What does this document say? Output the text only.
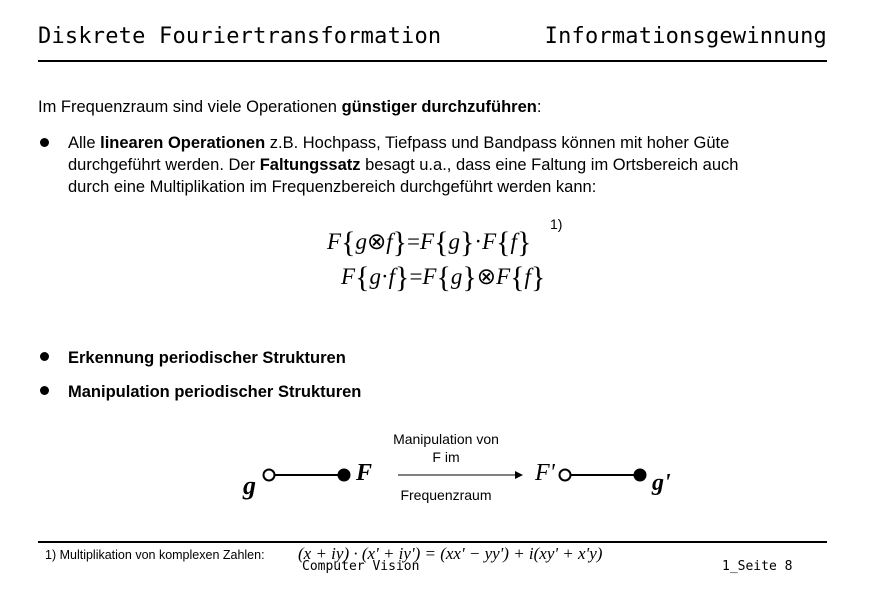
Diskrete Fouriertransformation	Informationsgewinnung
Im Frequenzraum sind viele Operationen günstiger durchzuführen:
Alle linearen Operationen z.B. Hochpass, Tiefpass und Bandpass können mit hoher Güte
durchgeführt werden. Der Faltungssatz besagt u.a., dass eine Faltung im Ortsbereich auch
durch eine Multiplikation im Frequenzbereich durchgeführt werden kann:
1)
F{g⊗f}=F{g}·F{f}
F{g·f}=F{g}⊗F{f}
Erkennung periodischer Strukturen
Manipulation periodischer Strukturen
Manipulation von
F im
Frequenzraum
g	F	F'	g'
1) Multiplikation von komplexen Zahlen: (x + iy) · (x' + iy') = (xx' − yy') + i(xy' + x'y)
Computer Vision	1_Seite 8
